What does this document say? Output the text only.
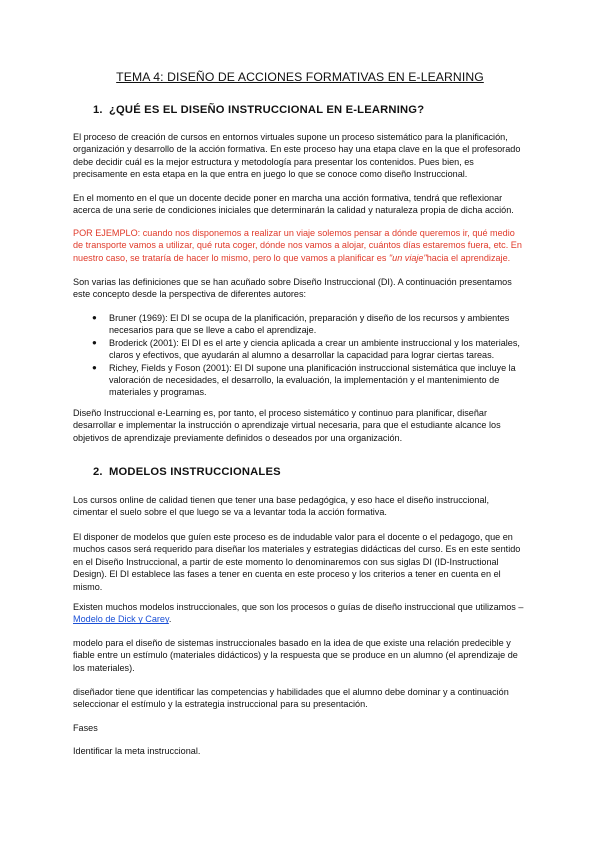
TEMA 4: DISEÑO DE ACCIONES FORMATIVAS EN E-LEARNING
1. ¿QUÉ ES EL DISEÑO INSTRUCCIONAL EN E-LEARNING?

El proceso de creación de cursos en entornos virtuales supone un proceso sistemático para la planificación, organización y desarrollo de la acción formativa. En este proceso hay una etapa clave en la que el profesorado debe decidir cuál es la mejor estructura y metodología para presentar los contenidos. Pues bien, es precisamente en esta etapa en la que entra en juego lo que se conoce como diseño Instruccional.

En el momento en el que un docente decide poner en marcha una acción formativa, tendrá que reflexionar acerca de una serie de condiciones iniciales que determinarán la calidad y naturaleza propia de dicha acción.

POR EJEMPLO: cuando nos disponemos a realizar un viaje solemos pensar a dónde queremos ir, qué medio de transporte vamos a utilizar, qué ruta coger, dónde nos vamos a alojar, cuántos días estaremos fuera, etc. En nuestro caso, se trataría de hacer lo mismo, pero lo que vamos a planificar es "un viaje"hacia el aprendizaje.

Son varias las definiciones que se han acuñado sobre Diseño Instruccional (DI). A continuación presentamos este concepto desde la perspectiva de diferentes autores:

● Bruner (1969): El DI se ocupa de la planificación, preparación y diseño de los recursos y ambientes necesarios para que se lleve a cabo el aprendizaje.
● Broderick (2001): El DI es el arte y ciencia aplicada a crear un ambiente instruccional y los materiales, claros y efectivos, que ayudarán al alumno a desarrollar la capacidad para lograr ciertas tareas.
● Richey, Fields y Foson (2001): El DI supone una planificación instruccional sistemática que incluye la valoración de necesidades, el desarrollo, la evaluación, la implementación y el mantenimiento de materiales y programas.

Diseño Instruccional e-Learning es, por tanto, el proceso sistemático y continuo para planificar, diseñar desarrollar e implementar la instrucción o aprendizaje virtual necesaria, para que el estudiante alcance los objetivos de aprendizaje previamente definidos o deseados por una organización.

2. MODELOS INSTRUCCIONALES

Los cursos online de calidad tienen que tener una base pedagógica, y eso hace el diseño instruccional, cimentar el suelo sobre el que luego se va a levantar toda la acción formativa.

El disponer de modelos que guíen este proceso es de indudable valor para el docente o el pedagogo, que en muchos casos será requerido para diseñar los materiales y estrategias didácticas del curso. Es en este sentido en el Diseño Instruccional, a partir de este momento lo denominaremos con sus siglas DI (ID-Instructional Design). El DI establece las fases a tener en cuenta en este proceso y los criterios a tener en cuenta en el mismo.

Existen muchos modelos instruccionales, que son los procesos o guías de diseño instruccional que utilizamos –Modelo de Dick y Carey.

modelo para el diseño de sistemas instruccionales basado en la idea de que existe una relación predecible y fiable entre un estímulo (materiales didácticos) y la respuesta que se produce en un alumno (el aprendizaje de los materiales).

diseñador tiene que identificar las competencias y habilidades que el alumno debe dominar y a continuación seleccionar el estímulo y la estrategia instruccional para su presentación.

Fases

Identificar la meta instruccional.
